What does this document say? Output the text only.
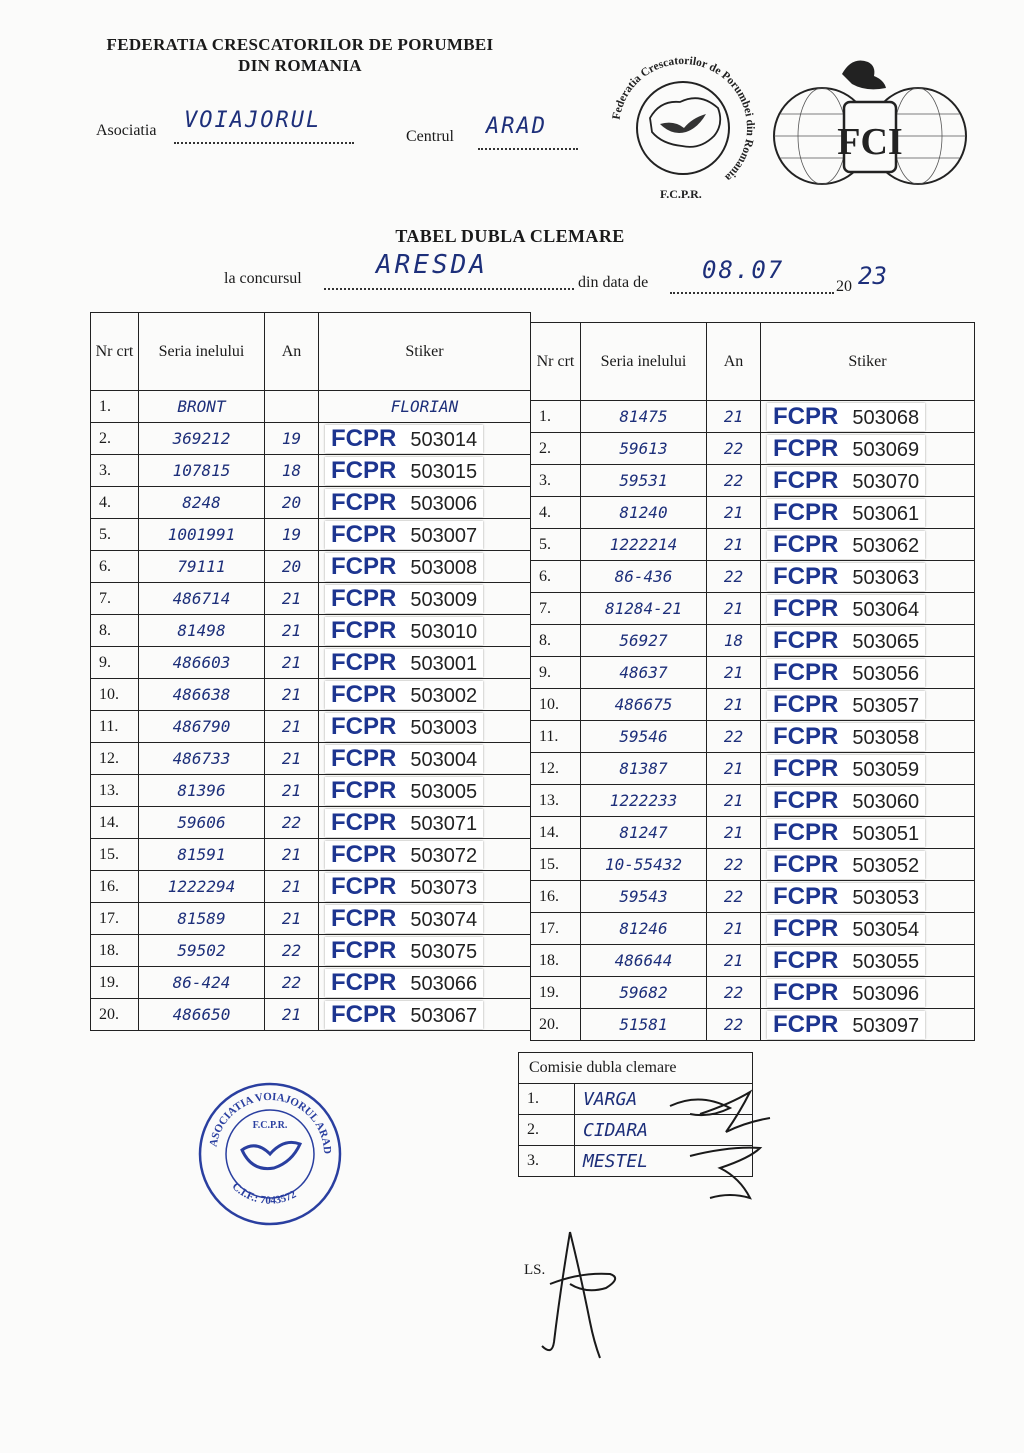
FEDERATIA CRESCATORILOR DE PORUMBEI
DIN ROMANIA
Asociatia VOIAJORUL
Centrul ARAD	Federatia Crescatorilor de Porumbei din Romania
F.C.P.R.
FCI
TABEL DUBLA CLEMARE
la concursul	ARESDA
din data de 08.07
20 23
Nr crt	Seria inelului	An	Stiker
1.	BRONT		FLORIAN
2.	369212	19	FCPR 503014
3.	107815	18	FCPR 503015
4.	8248	20	FCPR 503006
5.	1001991	19	FCPR 503007
6.	79111	20	FCPR 503008
7.	486714	21	FCPR 503009
8.	81498	21	FCPR 503010
9.	486603	21	FCPR 503001
10.	486638	21	FCPR 503002
11.	486790	21	FCPR 503003
12.	486733	21	FCPR 503004
13.	81396	21	FCPR 503005
14.	59606	22	FCPR 503071
15.	81591	21	FCPR 503072
16.	1222294	21	FCPR 503073
17.	81589	21	FCPR 503074
18.	59502	22	FCPR 503075
19.	86-424	22	FCPR 503066
20.	486650	21	FCPR 503067
Nr crt	Seria inelului	An	Stiker
1.	81475	21	FCPR 503068
2.	59613	22	FCPR 503069
3.	59531	22	FCPR 503070
4.	81240	21	FCPR 503061
5.	1222214	21	FCPR 503062
6.	86-436	22	FCPR 503063
7.	81284-21	21	FCPR 503064
8.	56927	18	FCPR 503065
9.	48637	21	FCPR 503056
10.	486675	21	FCPR 503057
11.	59546	22	FCPR 503058
12.	81387	21	FCPR 503059
13.	1222233	21	FCPR 503060
14.	81247	21	FCPR 503051
15.	10-55432	22	FCPR 503052
16.	59543	22	FCPR 503053
17.	81246	21	FCPR 503054
18.	486644	21	FCPR 503055
19.	59682	22	FCPR 503096
20.	51581	22	FCPR 503097
Comisie dubla clemare	
1.	VARGA
2.	CIDARA
3.	MESTEL
ASOCIATIA VOIAJORUL ARAD
F.C.P.R.
C.I.F.: 7043572
LS.
